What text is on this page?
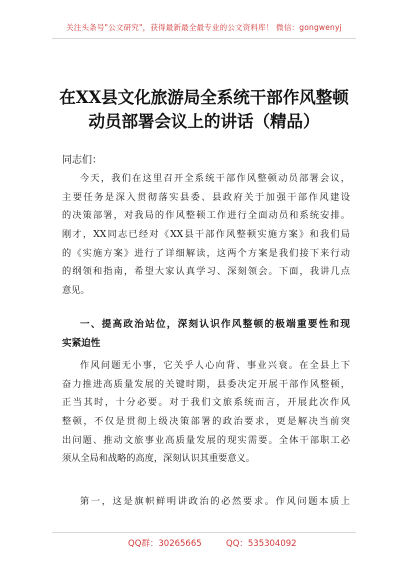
关注头条号"公文研究"，获得最新最全最专业的公文资料库！ 微信：gongwenyj
在XX县文化旅游局全系统干部作风整顿
动员部署会议上的讲话（精品）
同志们：

今天，我们在这里召开全系统干部作风整顿动员部署会议，
主要任务是深入贯彻落实县委、县政府关于加强干部作风建设
的决策部署，对我局的作风整顿工作进行全面动员和系统安排。
刚才，XX同志已经对《XX县干部作风整顿实施方案》和我们局
的《实施方案》进行了详细解读，这两个方案是我们接下来行动
的纲领和指南，希望大家认真学习、深刻领会。下面，我讲几点
意见。

一、提高政治站位，深刻认识作风整顿的极端重要性和现
实紧迫性

作风问题无小事，它关乎人心向背、事业兴衰。在全县上下
奋力推进高质量发展的关键时期，县委决定开展干部作风整顿，
正当其时，十分必要。对于我们文旅系统而言，开展此次作风
整顿，不仅是贯彻上级决策部署的政治要求，更是解决当前突
出问题、推动文旅事业高质量发展的现实需要。全体干部职工必
须从全局和战略的高度，深刻认识其重要意义。

第一，这是旗帜鲜明讲政治的必然要求。作风问题本质上

QQ群：30265665	QQ：535304092
